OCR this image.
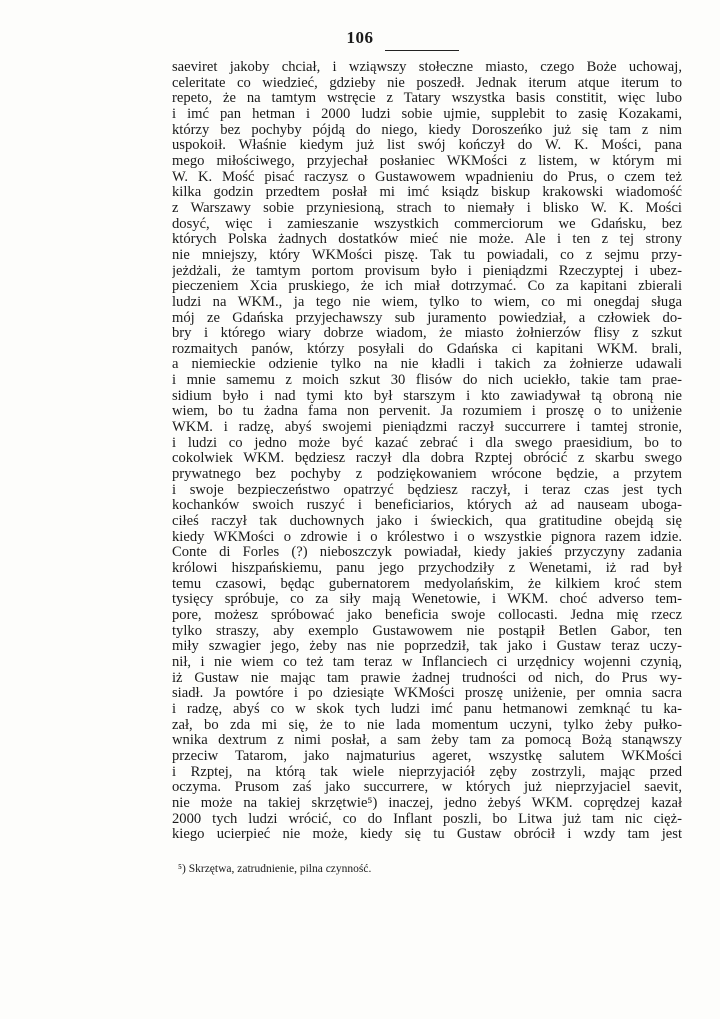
106
saeviret jakoby chciał, i wziąwszy stołeczne miasto, czego Boże uchowaj,
celeritate co wiedzieć, gdzieby nie poszedł. Jednak iterum atque iterum to
repeto, że na tamtym wstręcie z Tatary wszystka basis constitit, więc lubo
i imć pan hetman i 2000 ludzi sobie ujmie, supplebit to zasię Kozakami,
którzy bez pochyby pójdą do niego, kiedy Doroszeńko już się tam z nim
uspokoił. Właśnie kiedym już list swój kończył do W. K. Mości, pana
mego miłościwego, przyjechał posłaniec WKMości z listem, w którym mi
W. K. Mość pisać raczysz o Gustawowem wpadnieniu do Prus, o czem też
kilka godzin przedtem posłał mi imć ksiądz biskup krakowski wiadomość
z Warszawy sobie przyniesioną, strach to niemały i blisko W. K. Mości
dosyć, więc i zamieszanie wszystkich commerciorum we Gdańsku, bez
których Polska żadnych dostatków mieć nie może. Ale i ten z tej strony
nie mniejszy, który WKMości piszę. Tak tu powiadali, co z sejmu przy-
jeżdżali, że tamtym portom provisum było i pieniądzmi Rzeczyptej i ubez-
pieczeniem Xcia pruskiego, że ich miał dotrzymać. Co za kapitani zbierali
ludzi na WKM., ja tego nie wiem, tylko to wiem, co mi onegdaj sługa
mój ze Gdańska przyjechawszy sub juramento powiedział, a człowiek do-
bry i którego wiary dobrze wiadom, że miasto żołnierzów flisy z szkut
rozmaitych panów, którzy posyłali do Gdańska ci kapitani WKM. brali,
a niemieckie odzienie tylko na nie kładli i takich za żołnierze udawali
i mnie samemu z moich szkut 30 flisów do nich uciekło, takie tam prae-
sidium było i nad tymi kto był starszym i kto zawiadywał tą obroną nie
wiem, bo tu żadna fama non pervenit. Ja rozumiem i proszę o to uniżenie
WKM. i radzę, abyś swojemi pieniądzmi raczył succurrere i tamtej stronie,
i ludzi co jedno może być kazać zebrać i dla swego praesidium, bo to
cokolwiek WKM. będziesz raczył dla dobra Rzptej obrócić z skarbu swego
prywatnego bez pochyby z podziękowaniem wrócone będzie, a przytem
i swoje bezpieczeństwo opatrzyć będziesz raczył, i teraz czas jest tych
kochanków swoich ruszyć i beneficiarios, których aż ad nauseam uboga-
ciłeś raczył tak duchownych jako i świeckich, qua gratitudine obejdą się
kiedy WKMości o zdrowie i o królestwo i o wszystkie pignora razem idzie.
Conte di Forles (?) nieboszczyk powiadał, kiedy jakieś przyczyny zadania
królowi hiszpańskiemu, panu jego przychodziły z Wenetami, iż rad był
temu czasowi, będąc gubernatorem medyolańskim, że kilkiem kroć stem
tysięcy spróbuje, co za siły mają Wenetowie, i WKM. choć adverso tem-
pore, możesz spróbować jako beneficia swoje collocasti. Jedna mię rzecz
tylko straszy, aby exemplo Gustawowem nie postąpił Betlen Gabor, ten
miły szwagier jego, żeby nas nie poprzedził, tak jako i Gustaw teraz uczy-
nił, i nie wiem co też tam teraz w Inflanciech ci urzędnicy wojenni czynią,
iż Gustaw nie mając tam prawie żadnej trudności od nich, do Prus wy-
siadł. Ja powtóre i po dziesiąte WKMości proszę uniżenie, per omnia sacra
i radzę, abyś co w skok tych ludzi imć panu hetmanowi zemknąć tu ka-
zał, bo zda mi się, że to nie lada momentum uczyni, tylko żeby pułko-
wnika dextrum z nimi posłał, a sam żeby tam za pomocą Bożą stanąwszy
przeciw Tatarom, jako najmaturius ageret, wszystkę salutem WKMości
i Rzptej, na którą tak wiele nieprzyjaciół zęby zostrzyli, mając przed
oczyma. Prusom zaś jako succurrere, w których już nieprzyjaciel saevit,
nie może na takiej skrzętwie⁵) inaczej, jedno żebyś WKM. coprędzej kazał
2000 tych ludzi wrócić, co do Inflant poszli, bo Litwa już tam nic cięż-
kiego ucierpieć nie może, kiedy się tu Gustaw obrócił i wzdy tam jest
⁵) Skrzętwa, zatrudnienie, pilna czynność.
